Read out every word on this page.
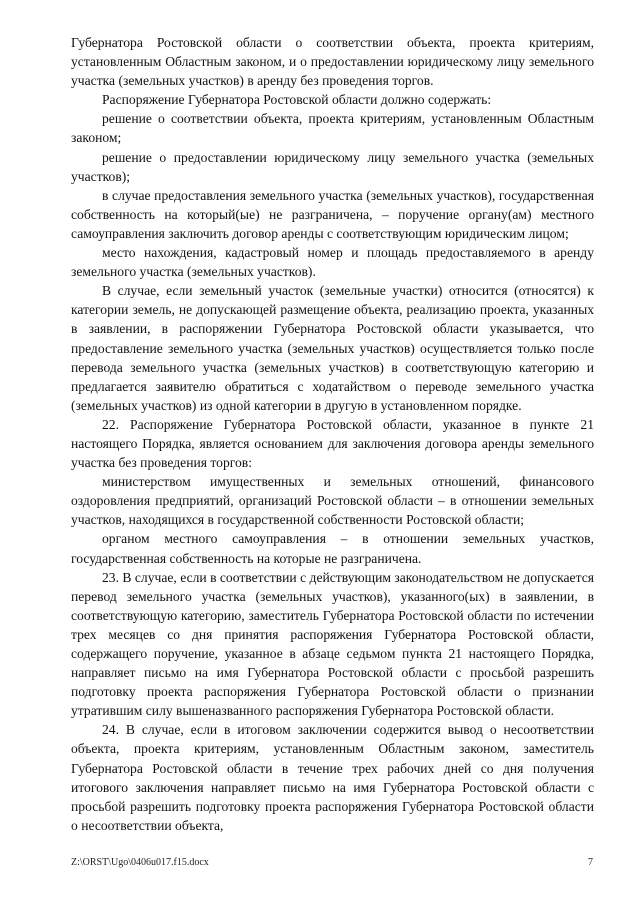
Губернатора Ростовской области о соответствии объекта, проекта критериям, установленным Областным законом, и о предоставлении юридическому лицу земельного участка (земельных участков) в аренду без проведения торгов.

Распоряжение Губернатора Ростовской области должно содержать:

решение о соответствии объекта, проекта критериям, установленным Областным законом;

решение о предоставлении юридическому лицу земельного участка (земельных участков);

в случае предоставления земельного участка (земельных участков), государственная собственность на который(ые) не разграничена, – поручение органу(ам) местного самоуправления заключить договор аренды с соответствующим юридическим лицом;

место нахождения, кадастровый номер и площадь предоставляемого в аренду земельного участка (земельных участков).

В случае, если земельный участок (земельные участки) относится (относятся) к категории земель, не допускающей размещение объекта, реализацию проекта, указанных в заявлении, в распоряжении Губернатора Ростовской области указывается, что предоставление земельного участка (земельных участков) осуществляется только после перевода земельного участка (земельных участков) в соответствующую категорию и предлагается заявителю обратиться с ходатайством о переводе земельного участка (земельных участков) из одной категории в другую в установленном порядке.

22. Распоряжение Губернатора Ростовской области, указанное в пункте 21 настоящего Порядка, является основанием для заключения договора аренды земельного участка без проведения торгов:

министерством имущественных и земельных отношений, финансового оздоровления предприятий, организаций Ростовской области – в отношении земельных участков, находящихся в государственной собственности Ростовской области;

органом местного самоуправления – в отношении земельных участков, государственная собственность на которые не разграничена.

23. В случае, если в соответствии с действующим законодательством не допускается перевод земельного участка (земельных участков), указанного(ых) в заявлении, в соответствующую категорию, заместитель Губернатора Ростовской области по истечении трех месяцев со дня принятия распоряжения Губернатора Ростовской области, содержащего поручение, указанное в абзаце седьмом пункта 21 настоящего Порядка, направляет письмо на имя Губернатора Ростовской области с просьбой разрешить подготовку проекта распоряжения Губернатора Ростовской области о признании утратившим силу вышеназванного распоряжения Губернатора Ростовской области.

24. В случае, если в итоговом заключении содержится вывод о несоответствии объекта, проекта критериям, установленным Областным законом, заместитель Губернатора Ростовской области в течение трех рабочих дней со дня получения итогового заключения направляет письмо на имя Губернатора Ростовской области с просьбой разрешить подготовку проекта распоряжения Губернатора Ростовской области о несоответствии объекта,

Z:\ORST\Ugo\0406u017.f15.docx	7
